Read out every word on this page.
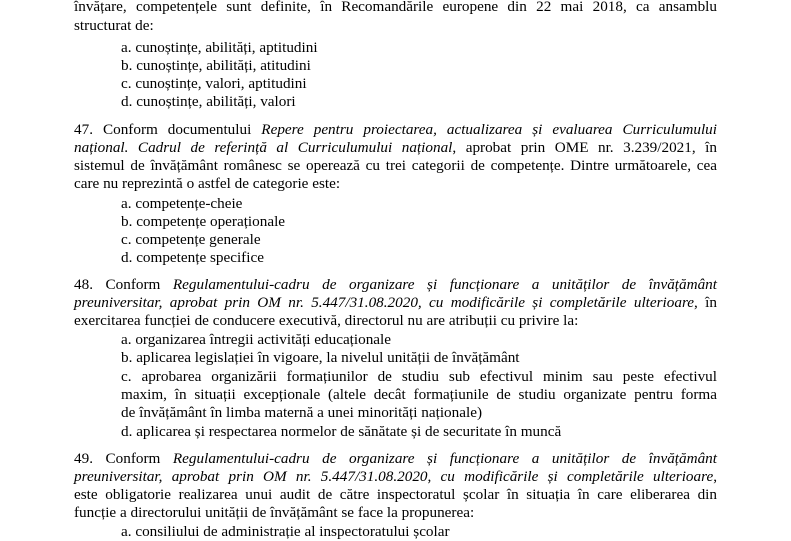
învățare, competențele sunt definite, în Recomandările europene din 22 mai 2018, ca ansamblu
structurat de:
a. cunoștințe, abilități, aptitudini
b. cunoștințe, abilități, atitudini
c. cunoștințe, valori, aptitudini
d. cunoștințe, abilități, valori
47. Conform documentului Repere pentru proiectarea, actualizarea și evaluarea Curriculumului
național. Cadrul de referință al Curriculumului național, aprobat prin OME nr. 3.239/2021, în
sistemul de învățământ românesc se operează cu trei categorii de competențe. Dintre următoarele, cea
care nu reprezintă o astfel de categorie este:
a. competențe-cheie
b. competențe operaționale
c. competențe generale
d. competențe specifice
48. Conform Regulamentului-cadru de organizare și funcționare a unităților de învățământ
preuniversitar, aprobat prin OM nr. 5.447/31.08.2020, cu modificările și completările ulterioare, în
exercitarea funcției de conducere executivă, directorul nu are atribuții cu privire la:
a. organizarea întregii activități educaționale
b. aplicarea legislației în vigoare, la nivelul unității de învățământ
c. aprobarea organizării formațiunilor de studiu sub efectivul minim sau peste efectivul
maxim, în situații excepționale (altele decât formațiunile de studiu organizate pentru forma
de învățământ în limba maternă a unei minorități naționale)
d. aplicarea și respectarea normelor de sănătate și de securitate în muncă
49. Conform Regulamentului-cadru de organizare și funcționare a unităților de învățământ
preuniversitar, aprobat prin OM nr. 5.447/31.08.2020, cu modificările și completările ulterioare,
este obligatorie realizarea unui audit de către inspectoratul școlar în situația în care eliberarea din
funcție a directorului unității de învățământ se face la propunerea:
a. consiliului de administrație al inspectoratului școlar
